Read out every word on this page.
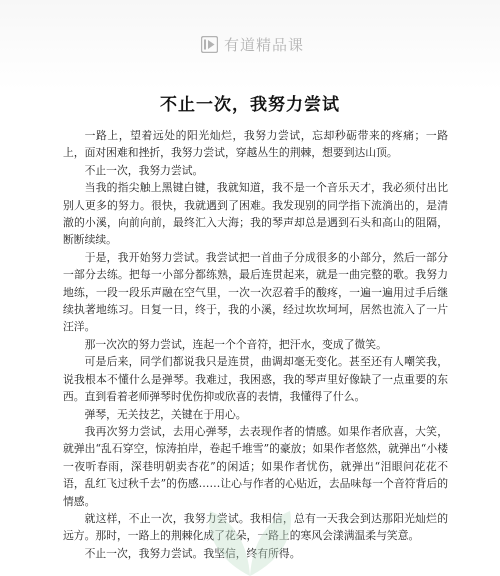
有道精品课
不止一次，我努力尝试

一路上，望着远处的阳光灿烂，我努力尝试，忘却秒砺带来的疼痛；一路上，面对困难和挫折，我努力尝试，穿越丛生的荆棘，想要到达山顶。

不止一次，我努力尝试。

当我的指尖触上黑键白键，我就知道，我不是一个音乐天才，我必须付出比别人更多的努力。很快，我就遇到了困难。我发现别的同学指下流淌出的，是清澈的小溪，向前向前，最终汇入大海；我的琴声却总是遇到石头和高山的阻隔，断断续续。

于是，我开始努力尝试。我尝试把一首曲子分成很多的小部分，然后一部分一部分去练。把每一小部分都练熟，最后连贯起来，就是一曲完整的歌。我努力地练，一段一段乐声融在空气里，一次一次忍着手的酸疼，一遍一遍用过手后继续执著地练习。日复一日，终于，我的小溪，经过坎坎坷坷，居然也流入了一片汪洋。

那一次次的努力尝试，连起一个个音符，把汗水，变成了微笑。

可是后来，同学们都说我只是连贯，曲调却毫无变化。甚至还有人嘲笑我，说我根本不懂什么是弹琴。我难过，我困惑，我的琴声里好像缺了一点重要的东西。直到看着老师弹琴时优伤抑或欣喜的表情，我懂得了什么。

弹琴，无关技艺，关键在于用心。

我再次努力尝试，去用心弹琴，去表现作者的情感。如果作者欣喜，大笑，就弹出“乱石穿空，惊涛拍岸，卷起千堆雪”的豪放；如果作者悠然，就弹出“小楼一夜听春雨，深巷明朝卖杏花”的闲适；如果作者忧伤，就弹出“泪眼问花花不语，乱红飞过秋千去”的伤感……让心与作者的心贴近，去品味每一个音符背后的情感。

就这样，不止一次，我努力尝试。我相信，总有一天我会到达那阳光灿烂的远方。那时，一路上的荆棘化成了花朵，一路上的寒风会漾满温柔与笑意。

不止一次，我努力尝试。我坚信，终有所得。
